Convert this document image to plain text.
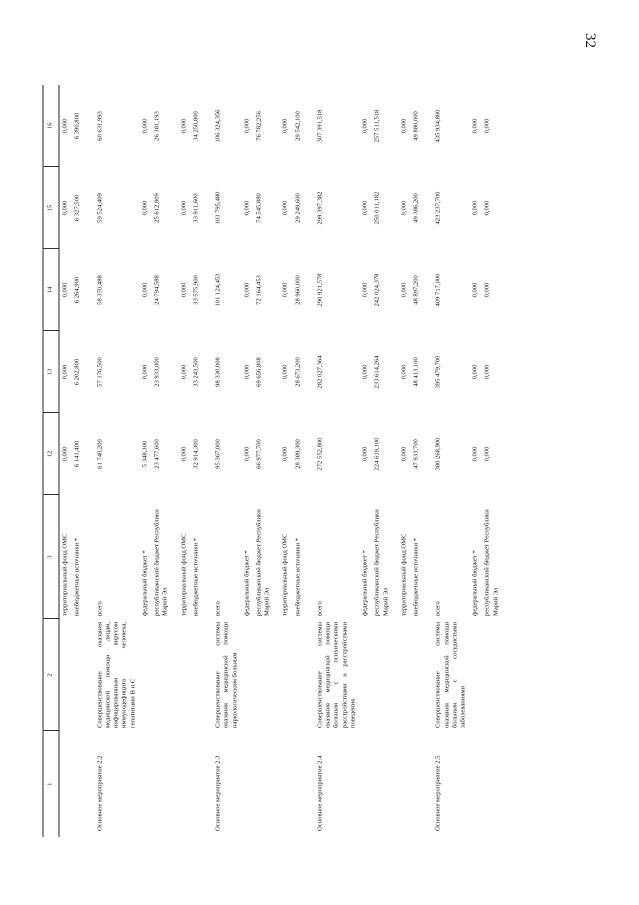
32
1	2	3	12	13	14	15	16
		территориальный фонд ОМС	0,000	0,000	0,000	0,000	0,000
		внебюджетные источники *	6 141,400	6 202,800	6 264,900	6 327,500	6 390,800
Основное мероприятие 2.2	Совершенствование оказания медицинской помощи лицам, инфицированным вирусом иммунодефицита человека, гепатитами B и C	всего	61 740,200	57 176,500	58 370,488	59 524,409	60 631,993
		федеральный бюджет *	5 348,300	0,000	0,000	0,000	0,000
		республиканский бюджет Республики Марий Эл	23 477,600	23 933,000	24 794,588	25 612,809	26 381,193
		территориальный фонд ОМС	0,000	0,000	0,000	0,000	0,000
		внебюджетные источники *	32 914,300	33 243,500	33 575,900	33 911,600	34 250,800
Основное мероприятие 2.3	Совершенствование системы оказания медицинской помощи наркологическим больным	всего	95 367,000	98 330,008	101 124,453	103 795,480	106 324,356
		федеральный бюджет *	0,000	0,000	0,000	0,000	0,000
		республиканский бюджет Республики Марий Эл	66 977,700	69 656,808	72 164,453	74 545,880	76 782,256
		территориальный фонд ОМС	0,000	0,000	0,000	0,000	0,000
		внебюджетные источники *	28 389,300	28 673,200	28 960,000	29 249,600	29 542,100
Основное мероприятие 2.4	Совершенствование системы оказания медицинской помощи больным с психическими расстройствами и расстройствами поведения	всего	272 552,800	282 027,364	290 921,578	299 397,382	307 391,518
		федеральный бюджет *	0,000	0,000	0,000	0,000	0,000
		республиканский бюджет Республики Марий Эл	224 619,100	233 614,264	242 024,378	250 011,182	257 511,518
		территориальный фонд ОМС	0,000	0,000	0,000	0,000	0,000
		внебюджетные источники *	47 933,700	48 413,100	48 897,200	49 386,200	49 880,000
Основное мероприятие 2.5	Совершенствование системы оказания медицинской помощи больным с сосудистыми заболеваниями	всего	380 268,900	395 479,700	409 717,000	423 237,700	435 934,800
		федеральный бюджет *	0,000	0,000	0,000	0,000	0,000
		республиканский бюджет Республики Марий Эл	0,000	0,000	0,000	0,000	0,000
